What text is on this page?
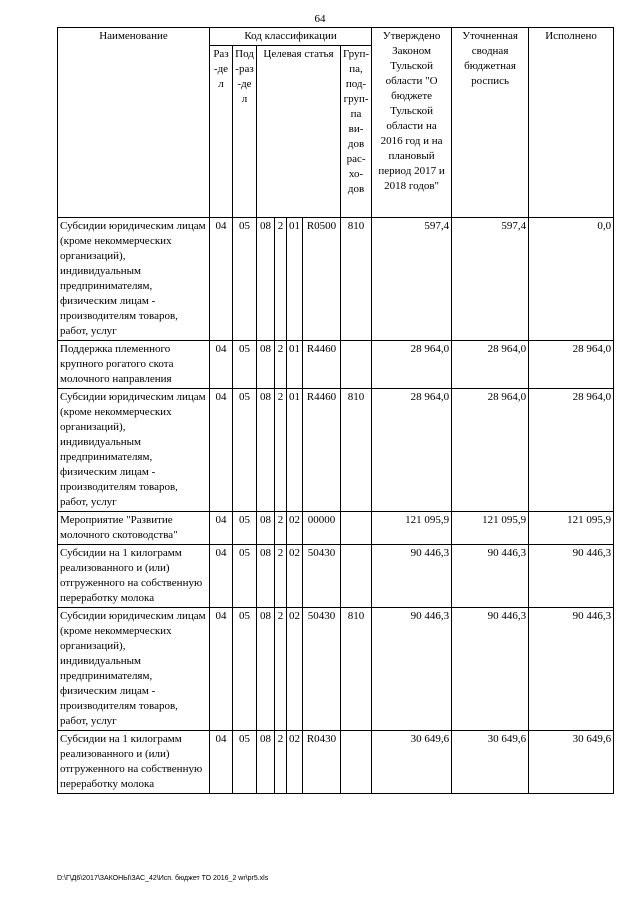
64
Наименование	Код классификации							Утверждено Законом Тульской области "О бюджете Тульской области на 2016 год и на плановый период 2017 и 2018 годов"	Уточненная сводная бюджетная роспись	Исполнено
	Раз-дел	Под-раз-дел	Целевая статья				Груп-па, под-груп-па ви-дов рас-хо-дов			
Субсидии юридическим лицам (кроме некоммерческих организаций), индивидуальным предпринимателям, физическим лицам - производителям товаров, работ, услуг	04	05	08	2	01	R0500	810	597,4	597,4	0,0
Поддержка племенного крупного рогатого скота молочного направления	04	05	08	2	01	R4460		28 964,0	28 964,0	28 964,0
Субсидии юридическим лицам (кроме некоммерческих организаций), индивидуальным предпринимателям, физическим лицам - производителям товаров, работ, услуг	04	05	08	2	01	R4460	810	28 964,0	28 964,0	28 964,0
Мероприятие "Развитие молочного скотоводства"	04	05	08	2	02	00000		121 095,9	121 095,9	121 095,9
Субсидии на 1 килограмм реализованного и (или) отгруженного на собственную переработку молока	04	05	08	2	02	50430		90 446,3	90 446,3	90 446,3
Субсидии юридическим лицам (кроме некоммерческих организаций), индивидуальным предпринимателям, физическим лицам - производителям товаров, работ, услуг	04	05	08	2	02	50430	810	90 446,3	90 446,3	90 446,3
Субсидии на 1 килограмм реализованного и (или) отгруженного на собственную переработку молока	04	05	08	2	02	R0430		30 649,6	30 649,6	30 649,6
D:\Г\Д6\2017\ЗАКОНЫ\ЗАС_42\Исп. бюджет ТО 2016_2 wr\pr5.xls
